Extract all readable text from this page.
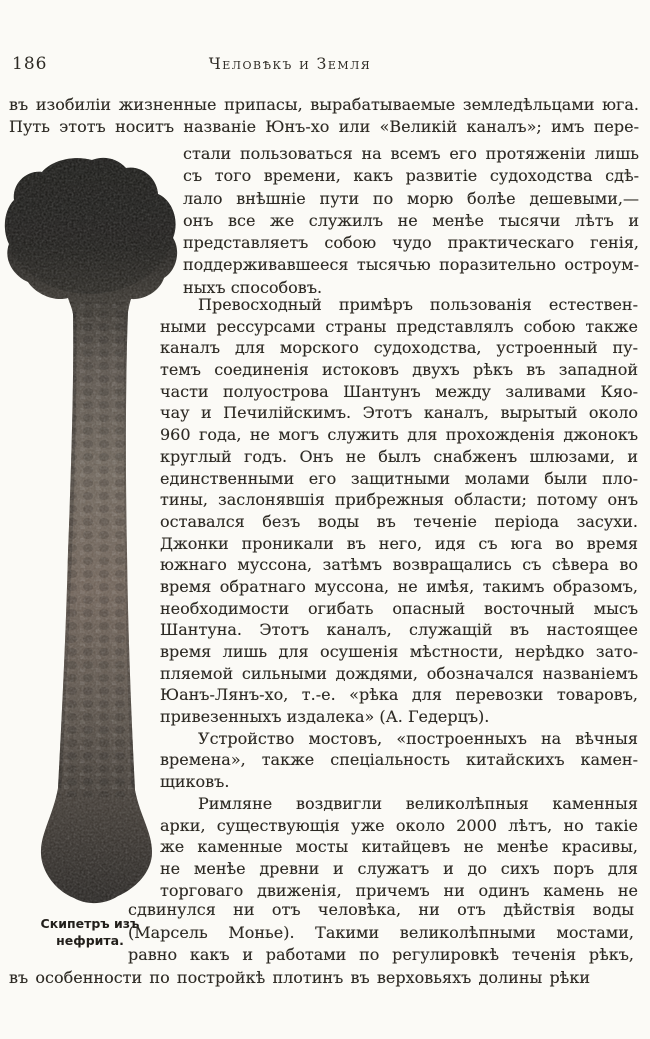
186	Человѣкъ и Земля
Скипетръ изъ
нефрита.
въ изобиліи жизненные припасы, вырабатываемые земледѣльцами юга.
Путь этотъ носитъ названіе Юнъ-хо или «Великій каналъ»; имъ пере-
стали пользоваться на всемъ его протяженіи лишь
съ того времени, какъ развитіе судоходства сдѣ-
лало внѣшніе пути по морю болѣе дешевыми,—
онъ все же служилъ не менѣе тысячи лѣтъ и
представляетъ собою чудо практическаго генія,
поддерживавшееся тысячью поразительно остроум-
ныхъ способовъ.
Превосходный примѣръ пользованія естествен-
ными рессурсами страны представлялъ собою также
каналъ для морского судоходства, устроенный пу-
темъ соединенія истоковъ двухъ рѣкъ въ западной
части полуострова Шантунъ между заливами Кяо-
чау и Печилійскимъ. Этотъ каналъ, вырытый около
960 года, не могъ служить для прохожденія джонокъ
круглый годъ. Онъ не былъ снабженъ шлюзами, и
единственными его защитными молами были пло-
тины, заслонявшія прибрежныя области; потому онъ
оставался безъ воды въ теченіе періода засухи.
Джонки проникали въ него, идя съ юга во время
южнаго муссона, затѣмъ возвращались съ сѣвера во
время обратнаго муссона, не имѣя, такимъ образомъ,
необходимости огибать опасный восточный мысъ
Шантуна. Этотъ каналъ, служащій въ настоящее
время лишь для осушенія мѣстности, нерѣдко зато-
пляемой сильными дождями, обозначался названіемъ
Юанъ-Лянъ-хо, т.-е. «рѣка для перевозки товаровъ,
привезенныхъ издалека» (А. Гедерцъ).
Устройство мостовъ, «построенныхъ на вѣчныя
времена», также спеціальность китайскихъ камен-
щиковъ.
Римляне воздвигли великолѣпныя каменныя
арки, существующія уже около 2000 лѣтъ, но такіе
же каменные мосты китайцевъ не менѣе красивы,
не менѣе древни и служатъ и до сихъ поръ для
торговаго движенія, причемъ ни одинъ камень не
сдвинулся ни отъ человѣка, ни отъ дѣйствія воды
(Марсель Монье). Такими великолѣпными мостами,
равно какъ и работами по регулировкѣ теченія рѣкъ,
въ особенности по постройкѣ плотинъ въ верховьяхъ долины рѣки
